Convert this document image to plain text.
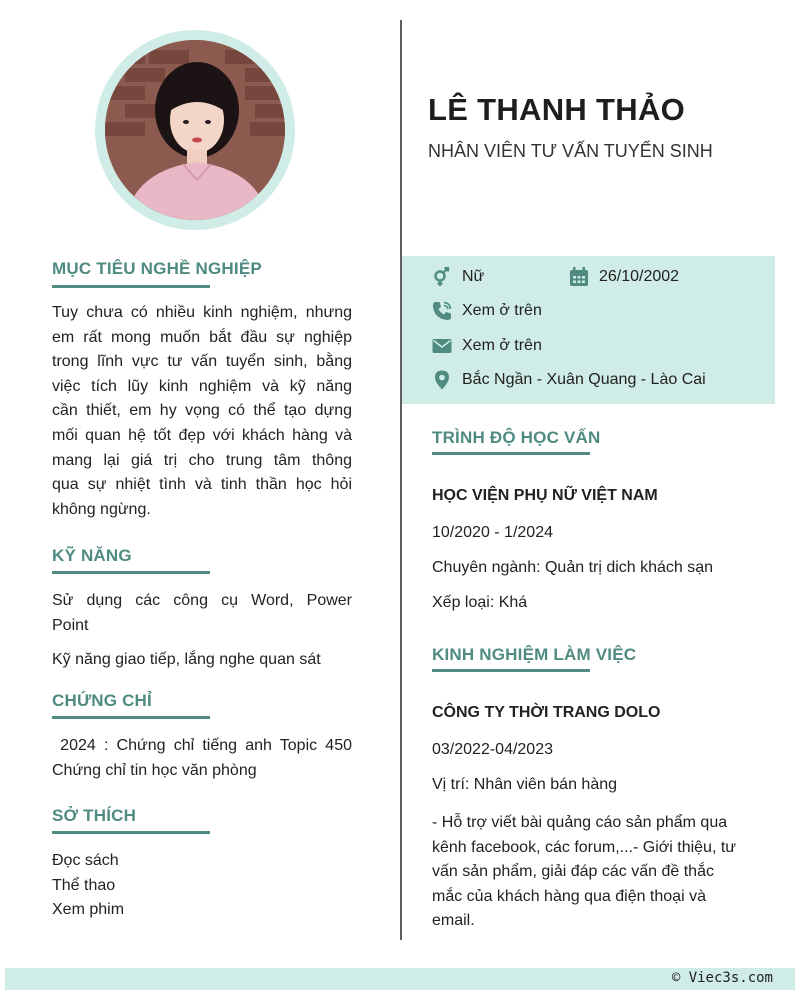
MỤC TIÊU NGHỀ NGHIỆP
Tuy chưa có nhiều kinh nghiệm, nhưng
em rất mong muốn bắt đầu sự nghiệp
trong lĩnh vực tư vấn tuyển sinh, bằng
việc tích lũy kinh nghiệm và kỹ năng
cần thiết, em hy vọng có thể tạo dựng
mối quan hệ tốt đẹp với khách hàng và
mang lại giá trị cho trung tâm thông
qua sự nhiệt tình và tinh thần học hỏi
không ngừng.
KỸ NĂNG
Sử dụng các công cụ Word, Power
Point
Kỹ năng giao tiếp, lắng nghe quan sát
CHỨNG CHỈ
2024 : Chứng chỉ tiếng anh Topic 450
Chứng chỉ tin học văn phòng
SỞ THÍCH
Đọc sách
Thể thao
Xem phim
LÊ THANH THẢO
NHÂN VIÊN TƯ VẤN TUYỂN SINH
Nữ	26/10/2002
Xem ở trên
Xem ở trên
Bắc Ngần - Xuân Quang - Lào Cai
TRÌNH ĐỘ HỌC VẤN
HỌC VIỆN PHỤ NỮ VIỆT NAM
10/2020 - 1/2024
Chuyên ngành: Quản trị dich khách sạn
Xếp loại: Khá
KINH NGHIỆM LÀM VIỆC
CÔNG TY THỜI TRANG DOLO
03/2022-04/2023
Vị trí: Nhân viên bán hàng
- Hỗ trợ viết bài quảng cáo sản phẩm qua
kênh facebook, các forum,...- Giới thiệu, tư
vấn sản phẩm, giải đáp các vấn đề thắc
mắc của khách hàng qua điện thoại và
email.
© Viec3s.com
